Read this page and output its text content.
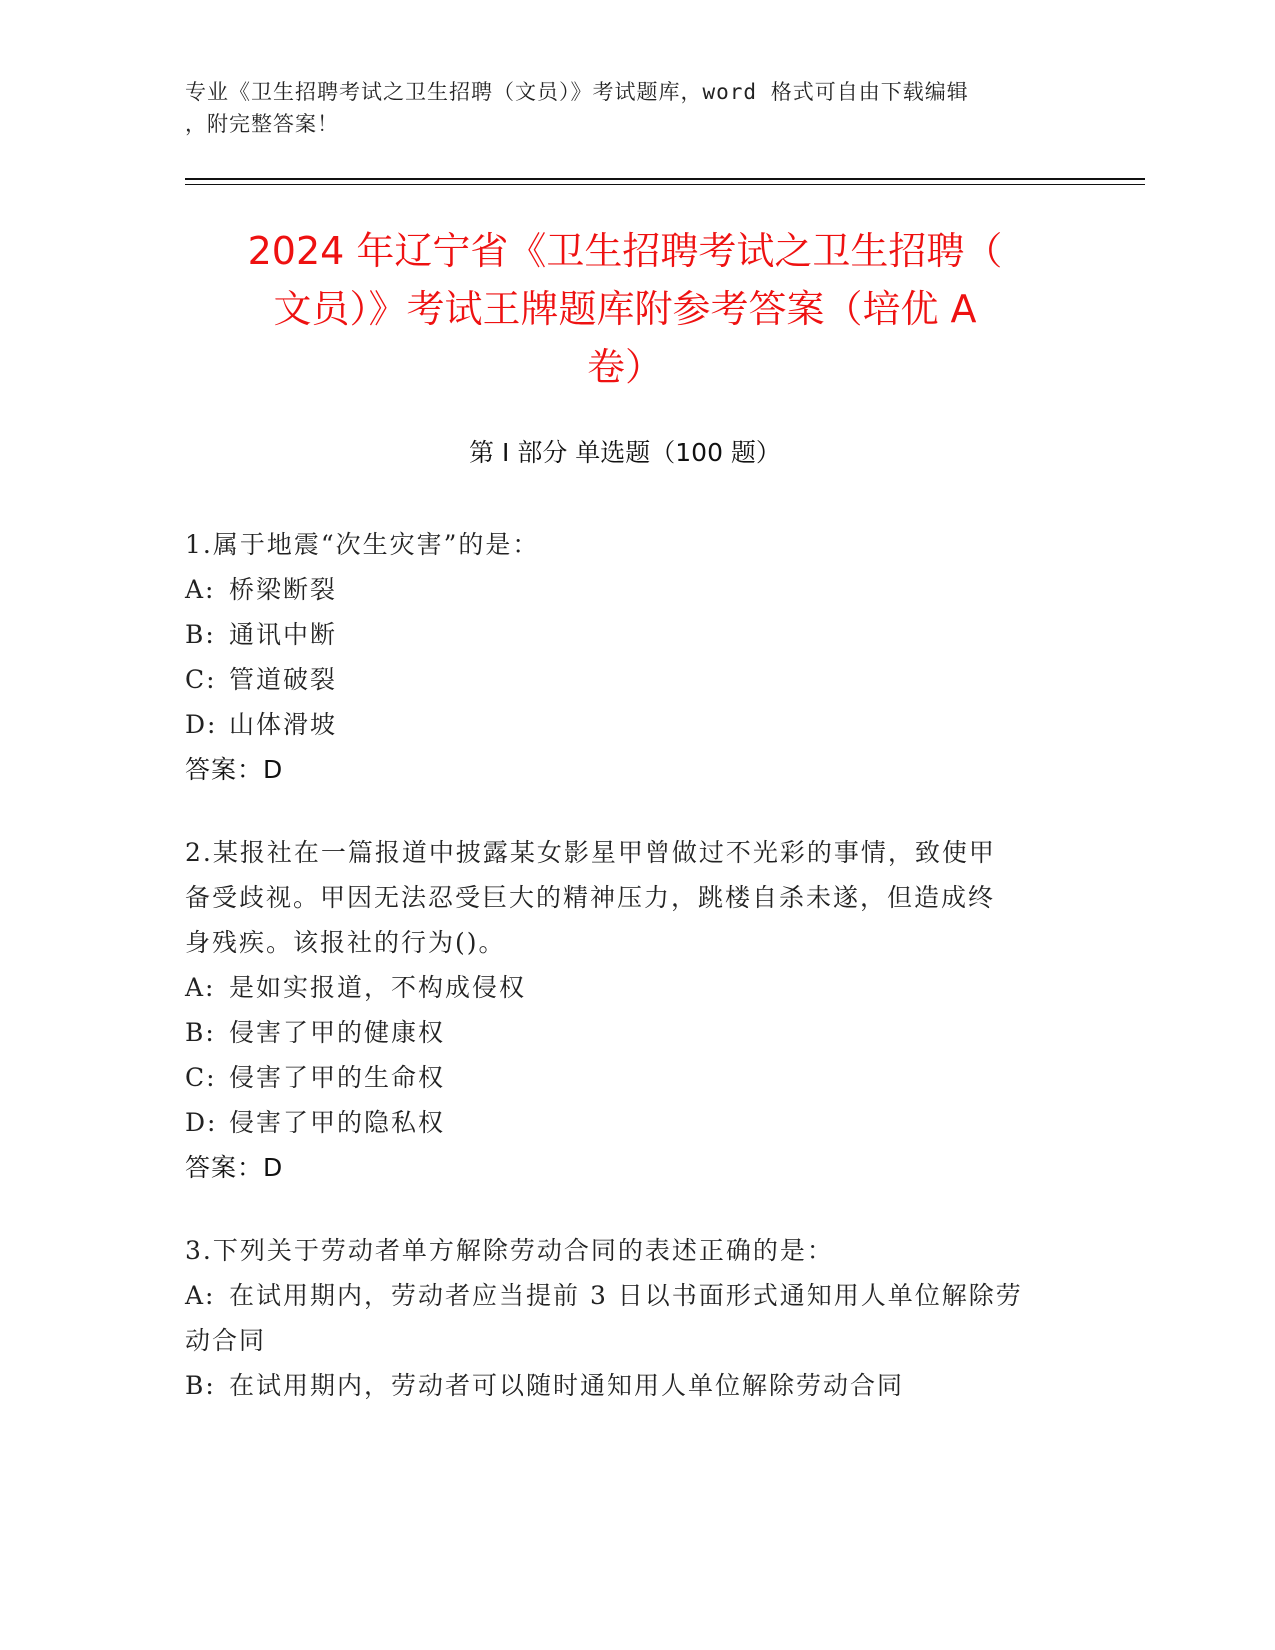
专业《卫生招聘考试之卫生招聘（文员）》考试题库，word 格式可自由下载编辑
，附完整答案！
2024 年辽宁省《卫生招聘考试之卫生招聘（
文员）》考试王牌题库附参考答案（培优 A
卷）
第 I 部分 单选题（100 题）
1.属于地震“次生灾害”的是：
A: 桥梁断裂
B: 通讯中断
C: 管道破裂
D: 山体滑坡
答案：D
2.某报社在一篇报道中披露某女影星甲曾做过不光彩的事情，致使甲
备受歧视。甲因无法忍受巨大的精神压力，跳楼自杀未遂，但造成终
身残疾。该报社的行为()。
A: 是如实报道，不构成侵权
B: 侵害了甲的健康权
C: 侵害了甲的生命权
D: 侵害了甲的隐私权
答案：D
3.下列关于劳动者单方解除劳动合同的表述正确的是：
A: 在试用期内，劳动者应当提前 3 日以书面形式通知用人单位解除劳
动合同
B: 在试用期内，劳动者可以随时通知用人单位解除劳动合同
